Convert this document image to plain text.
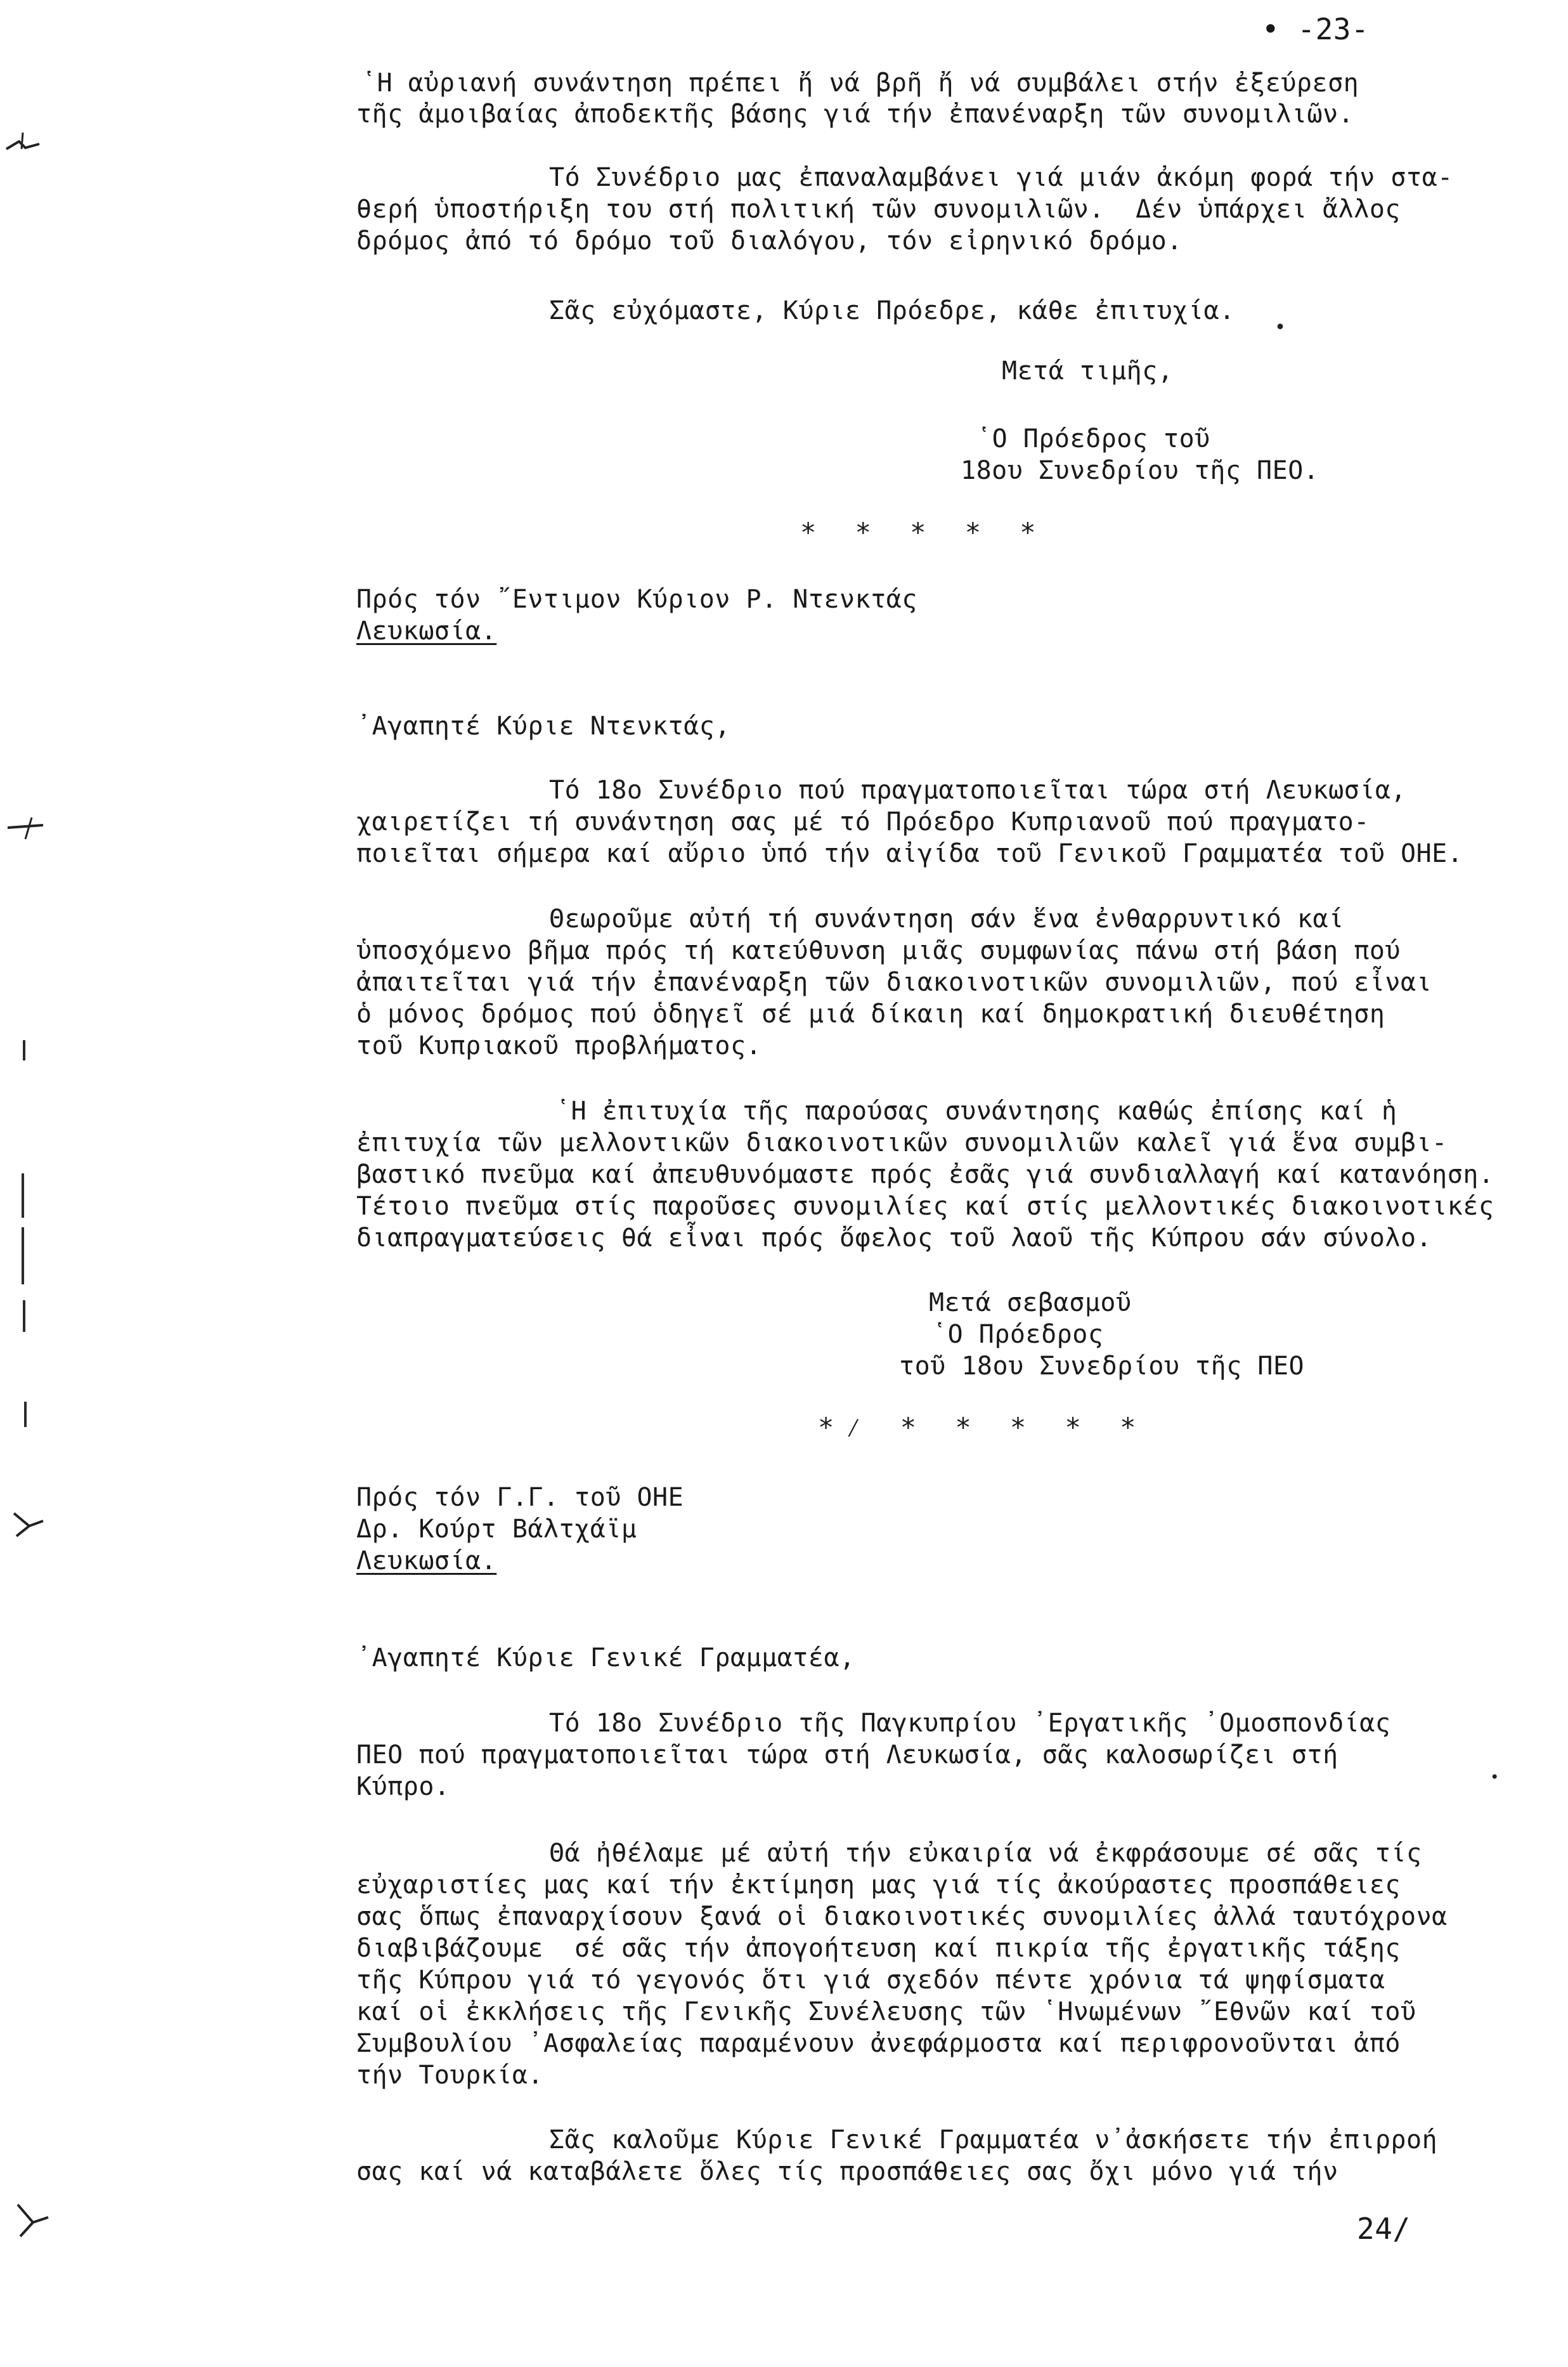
• -23-
῾Η αὐριανή συνάντηση πρέπει ἤ νά βρῆ ἤ νά συμβάλει στήν ἐξεύρεση
τῆς ἀμοιβαίας ἀποδεκτῆς βάσης γιά τήν ἐπανέναρξη τῶν συνομιλιῶν.
Τό Συνέδριο μας ἐπαναλαμβάνει γιά μιάν ἀκόμη φορά τήν στα-
θερή ὑποστήριξη του στή πολιτική τῶν συνομιλιῶν.  Δέν ὑπάρχει ἄλλος
δρόμος ἀπό τό δρόμο τοῦ διαλόγου, τόν εἰρηνικό δρόμο.
Σᾶς εὐχόμαστε, Κύριε Πρόεδρε, κάθε ἐπιτυχία.
Μετά τιμῆς,
῾Ο Πρόεδρος τοῦ
18ου Συνεδρίου τῆς ΠΕΟ.
* * * * *
Πρός τόν ῎Εντιμον Κύριον Ρ. Ντενκτάς
Λευκωσία.
᾿Αγαπητέ Κύριε Ντενκτάς,
Τό 18ο Συνέδριο πού πραγματοποιεῖται τώρα στή Λευκωσία,
χαιρετίζει τή συνάντηση σας μέ τό Πρόεδρο Κυπριανοῦ πού πραγματο-
ποιεῖται σήμερα καί αὔριο ὑπό τήν αἰγίδα τοῦ Γενικοῦ Γραμματέα τοῦ ΟΗΕ.
Θεωροῦμε αὐτή τή συνάντηση σάν ἕνα ἐνθαρρυντικό καί
ὑποσχόμενο βῆμα πρός τή κατεύθυνση μιᾶς συμφωνίας πάνω στή βάση πού
ἀπαιτεῖται γιά τήν ἐπανέναρξη τῶν διακοινοτικῶν συνομιλιῶν, πού εἶναι
ὁ μόνος δρόμος πού ὁδηγεῖ σέ μιά δίκαιη καί δημοκρατική διευθέτηση
τοῦ Κυπριακοῦ προβλήματος.
῾Η ἐπιτυχία τῆς παρούσας συνάντησης καθώς ἐπίσης καί ἡ
ἐπιτυχία τῶν μελλοντικῶν διακοινοτικῶν συνομιλιῶν καλεῖ γιά ἕνα συμβι-
βαστικό πνεῦμα καί ἀπευθυνόμαστε πρός ἐσᾶς γιά συνδιαλλαγή καί κατανόηση.
Τέτοιο πνεῦμα στίς παροῦσες συνομιλίες καί στίς μελλοντικές διακοινοτικές
διαπραγματεύσεις θά εἶναι πρός ὄφελος τοῦ λαοῦ τῆς Κύπρου σάν σύνολο.
Μετά σεβασμοῦ
῾Ο Πρόεδρος
τοῦ 18ου Συνεδρίου τῆς ΠΕΟ
*⁄ * * * * *
Πρός τόν Γ.Γ. τοῦ ΟΗΕ
Δρ. Κούρτ Βάλτχάϊμ
Λευκωσία.
᾿Αγαπητέ Κύριε Γενικέ Γραμματέα,
Τό 18ο Συνέδριο τῆς Παγκυπρίου ᾿Εργατικῆς ᾿Ομοσπονδίας
ΠΕΟ πού πραγματοποιεῖται τώρα στή Λευκωσία, σᾶς καλοσωρίζει στή
Κύπρο.
Θά ἠθέλαμε μέ αὐτή τήν εὐκαιρία νά ἐκφράσουμε σέ σᾶς τίς
εὐχαριστίες μας καί τήν ἐκτίμηση μας γιά τίς ἀκούραστες προσπάθειες
σας ὅπως ἐπαναρχίσουν ξανά οἱ διακοινοτικές συνομιλίες ἀλλά ταυτόχρονα
διαβιβάζουμε  σέ σᾶς τήν ἀπογοήτευση καί πικρία τῆς ἐργατικῆς τάξης
τῆς Κύπρου γιά τό γεγονός ὅτι γιά σχεδόν πέντε χρόνια τά ψηφίσματα
καί οἱ ἐκκλήσεις τῆς Γενικῆς Συνέλευσης τῶν ῾Ηνωμένων ῎Εθνῶν καί τοῦ
Συμβουλίου ᾿Ασφαλείας παραμένουν ἀνεφάρμοστα καί περιφρονοῦνται ἀπό
τήν Τουρκία.
Σᾶς καλοῦμε Κύριε Γενικέ Γραμματέα ν᾿ἀσκήσετε τήν ἐπιρροή
σας καί νά καταβάλετε ὅλες τίς προσπάθειες σας ὄχι μόνο γιά τήν
24/
•
•
